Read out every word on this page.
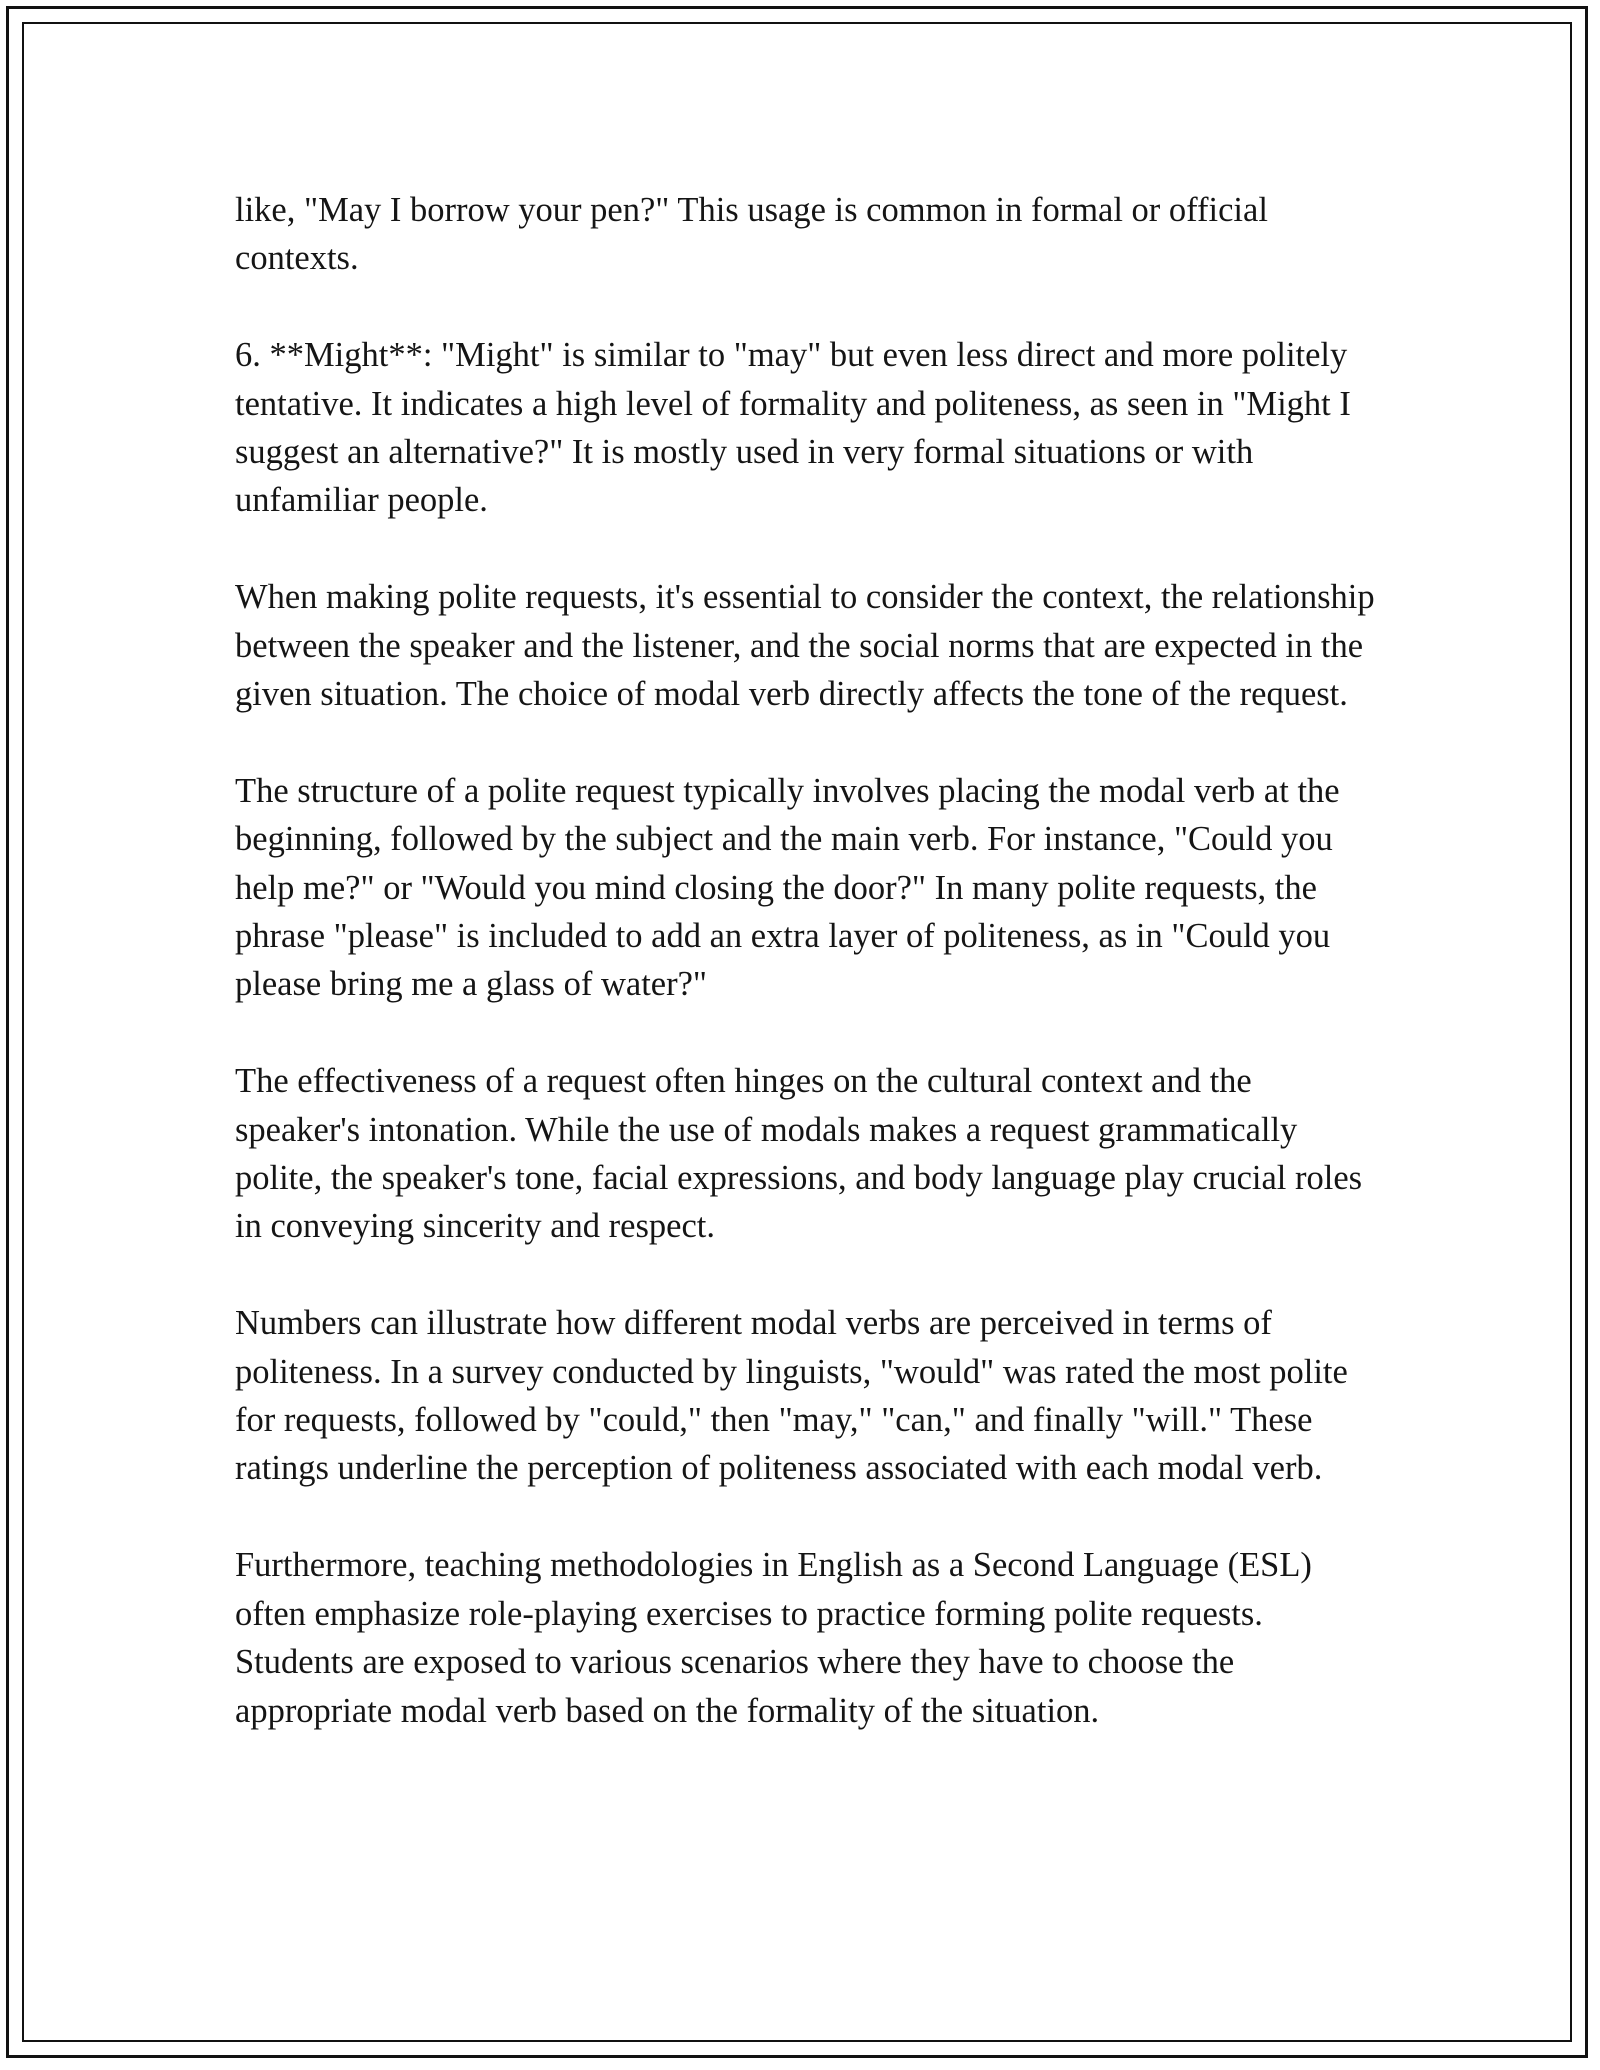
like, "May I borrow your pen?" This usage is common in formal or official contexts.

6. **Might**: "Might" is similar to "may" but even less direct and more politely tentative. It indicates a high level of formality and politeness, as seen in "Might I suggest an alternative?" It is mostly used in very formal situations or with unfamiliar people.

When making polite requests, it's essential to consider the context, the relationship between the speaker and the listener, and the social norms that are expected in the given situation. The choice of modal verb directly affects the tone of the request.

The structure of a polite request typically involves placing the modal verb at the beginning, followed by the subject and the main verb. For instance, "Could you help me?" or "Would you mind closing the door?" In many polite requests, the phrase "please" is included to add an extra layer of politeness, as in "Could you please bring me a glass of water?"

The effectiveness of a request often hinges on the cultural context and the speaker's intonation. While the use of modals makes a request grammatically polite, the speaker's tone, facial expressions, and body language play crucial roles in conveying sincerity and respect.

Numbers can illustrate how different modal verbs are perceived in terms of politeness. In a survey conducted by linguists, "would" was rated the most polite for requests, followed by "could," then "may," "can," and finally "will." These ratings underline the perception of politeness associated with each modal verb.

Furthermore, teaching methodologies in English as a Second Language (ESL) often emphasize role-playing exercises to practice forming polite requests. Students are exposed to various scenarios where they have to choose the appropriate modal verb based on the formality of the situation.
